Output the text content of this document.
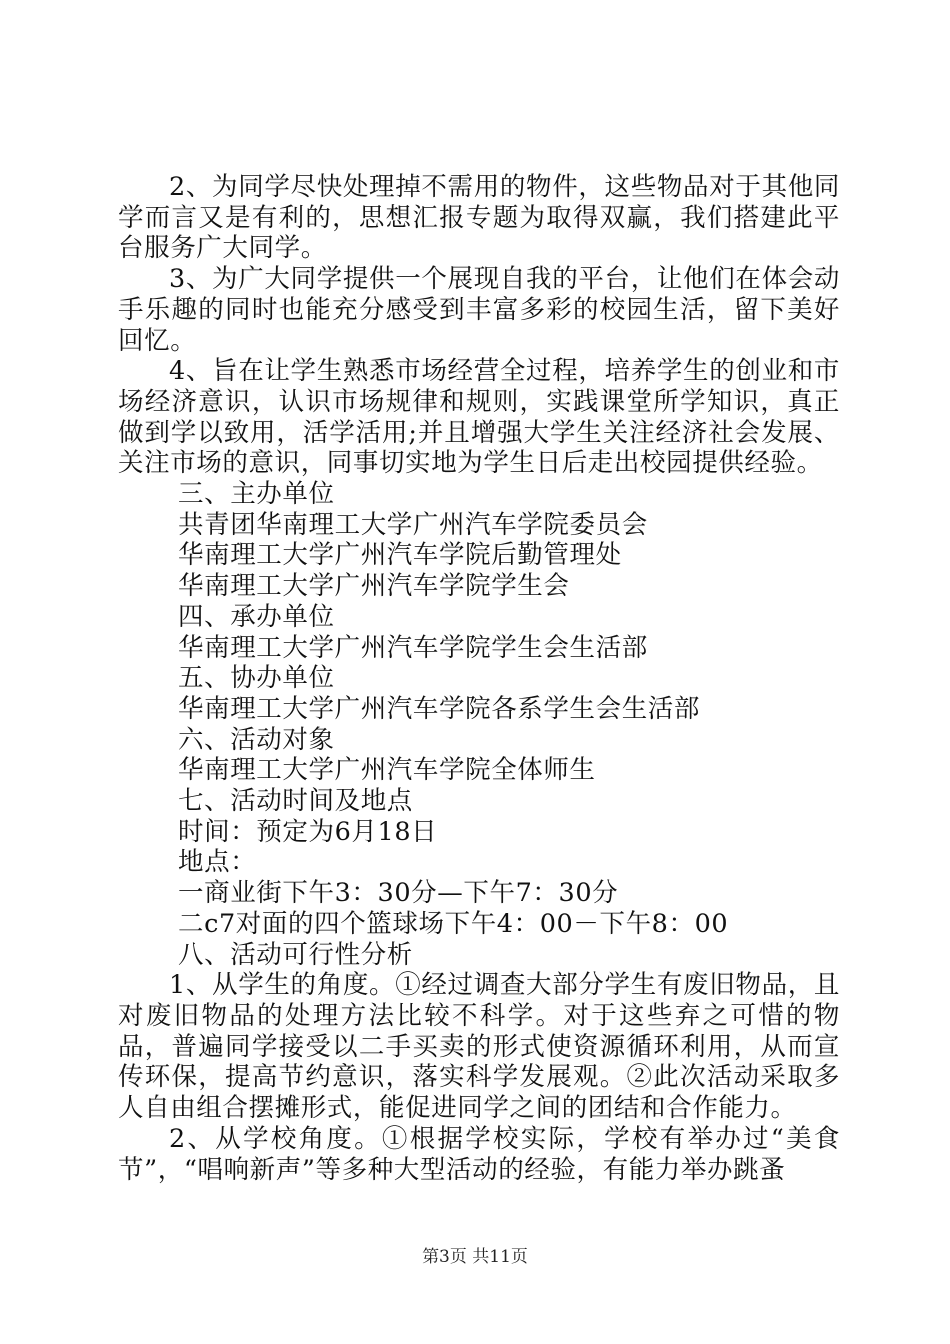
2、为同学尽快处理掉不需用的物件，这些物品对于其他同学而言又是有利的，思想汇报专题为取得双赢，我们搭建此平台服务广大同学。

3、为广大同学提供一个展现自我的平台，让他们在体会动手乐趣的同时也能充分感受到丰富多彩的校园生活，留下美好回忆。

4、旨在让学生熟悉市场经营全过程，培养学生的创业和市场经济意识，认识市场规律和规则，实践课堂所学知识，真正做到学以致用，活学活用;并且增强大学生关注经济社会发展、关注市场的意识，同事切实地为学生日后走出校园提供经验。

三、主办单位

共青团华南理工大学广州汽车学院委员会

华南理工大学广州汽车学院后勤管理处

华南理工大学广州汽车学院学生会

四、承办单位

华南理工大学广州汽车学院学生会生活部

五、协办单位

华南理工大学广州汽车学院各系学生会生活部

六、活动对象

华南理工大学广州汽车学院全体师生

七、活动时间及地点

时间：预定为6月18日

地点：

一商业街下午3：30分—下午7：30分

二c7对面的四个篮球场下午4：00－下午8：00

八、活动可行性分析

1、从学生的角度。①经过调查大部分学生有废旧物品，且对废旧物品的处理方法比较不科学。对于这些弃之可惜的物品，普遍同学接受以二手买卖的形式使资源循环利用，从而宣传环保，提高节约意识，落实科学发展观。②此次活动采取多人自由组合摆摊形式，能促进同学之间的团结和合作能力。

2、从学校角度。①根据学校实际，学校有举办过“美食节”，“唱响新声”等多种大型活动的经验，有能力举办跳蚤

第3页 共11页
